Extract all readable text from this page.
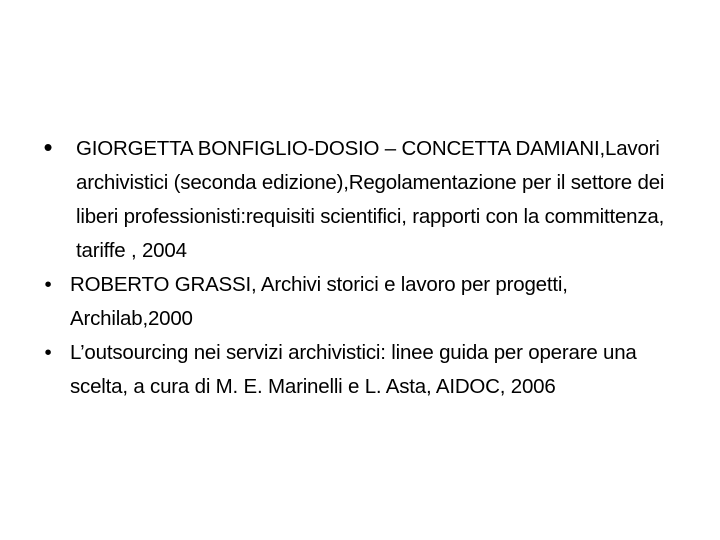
• GIORGETTA BONFIGLIO-DOSIO – CONCETTA DAMIANI,Lavori archivistici (seconda edizione),Regolamentazione per il settore dei liberi professionisti:requisiti scientifici, rapporti con la committenza, tariffe , 2004
• ROBERTO GRASSI, Archivi storici e lavoro per progetti, Archilab,2000
• L’outsourcing nei servizi archivistici: linee guida per operare una scelta, a cura di M. E. Marinelli e L. Asta, AIDOC, 2006
